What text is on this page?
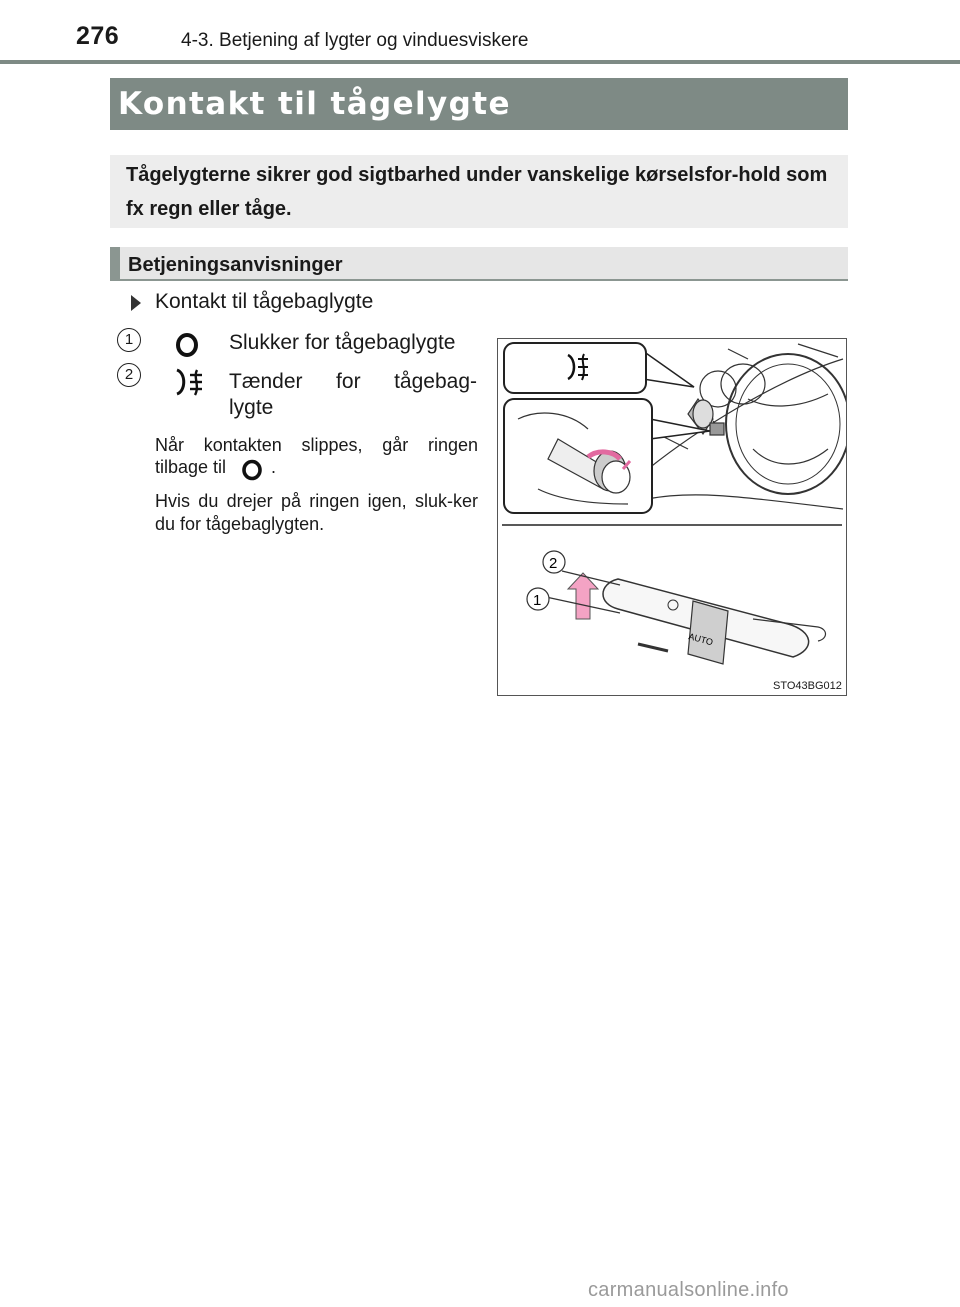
276	4-3. Betjening af lygter og vinduesviskere
Kontakt til tågelygte
Tågelygterne sikrer god sigtbarhed under vanskelige kørselsfor-hold som fx regn eller tåge.
Betjeningsanvisninger
Kontakt til tågebaglygte
1	Slukker for tågebaglygte
2	Tænder for tågebag-
lygte
Når kontakten slippes, går ringen
tilbage til .
Hvis du drejer på ringen igen, sluk-ker du for tågebaglygten.
AUTO
2
1
STO43BG012
carmanualsonline.info
